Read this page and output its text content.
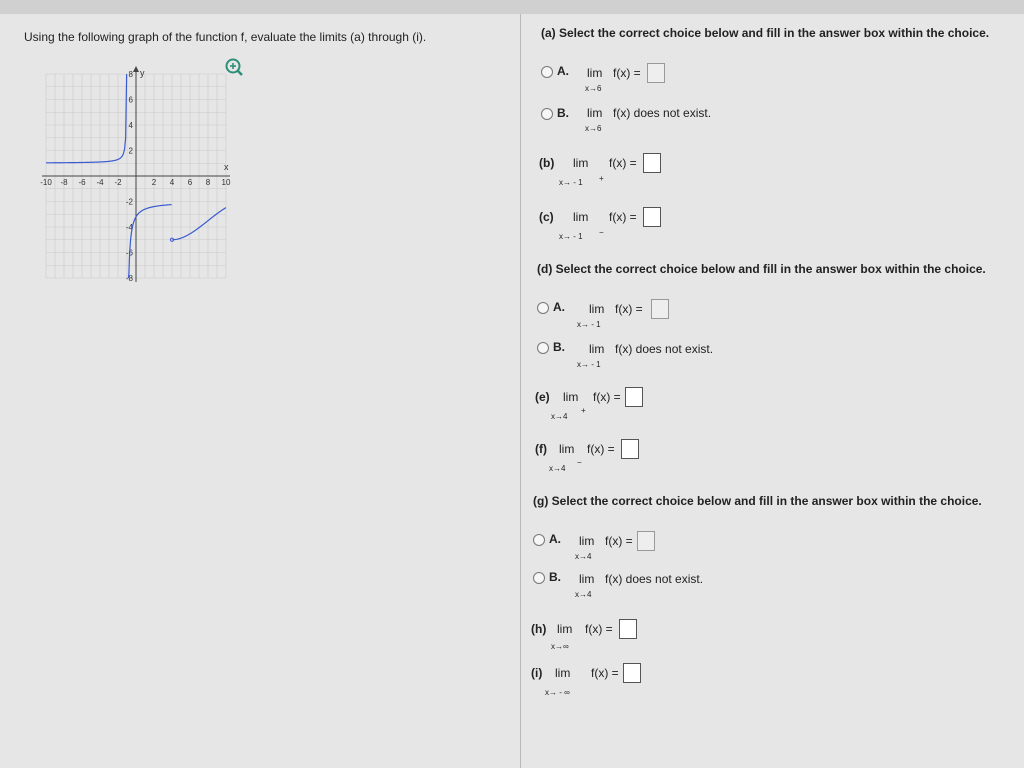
Using the following graph of the function f, evaluate the limits (a) through (i).
-10 -8 -6 -4 -2	2 4 6 8 10
8
6
4
2
-2
-4
-6
-8
y
x
(a) Select the correct choice below and fill in the answer box within the choice.
A. lim
x→6
f(x) =
B. lim
x→6
f(x) does not exist.
(b) lim
x→ - 1 +
f(x) =
(c) lim
x→ - 1 −
f(x) =
(d) Select the correct choice below and fill in the answer box within the choice.
A. lim
x→ - 1
f(x) =
B. lim
x→ - 1
f(x) does not exist.
(e) lim
x→4
+
f(x) =
(f) lim
x→4
−
f(x) =
(g) Select the correct choice below and fill in the answer box within the choice.
A. lim
x→4
f(x) =
B. lim
x→4
f(x) does not exist.
(h) lim
x→∞
f(x) =
(i) lim
x→ - ∞
f(x) =
